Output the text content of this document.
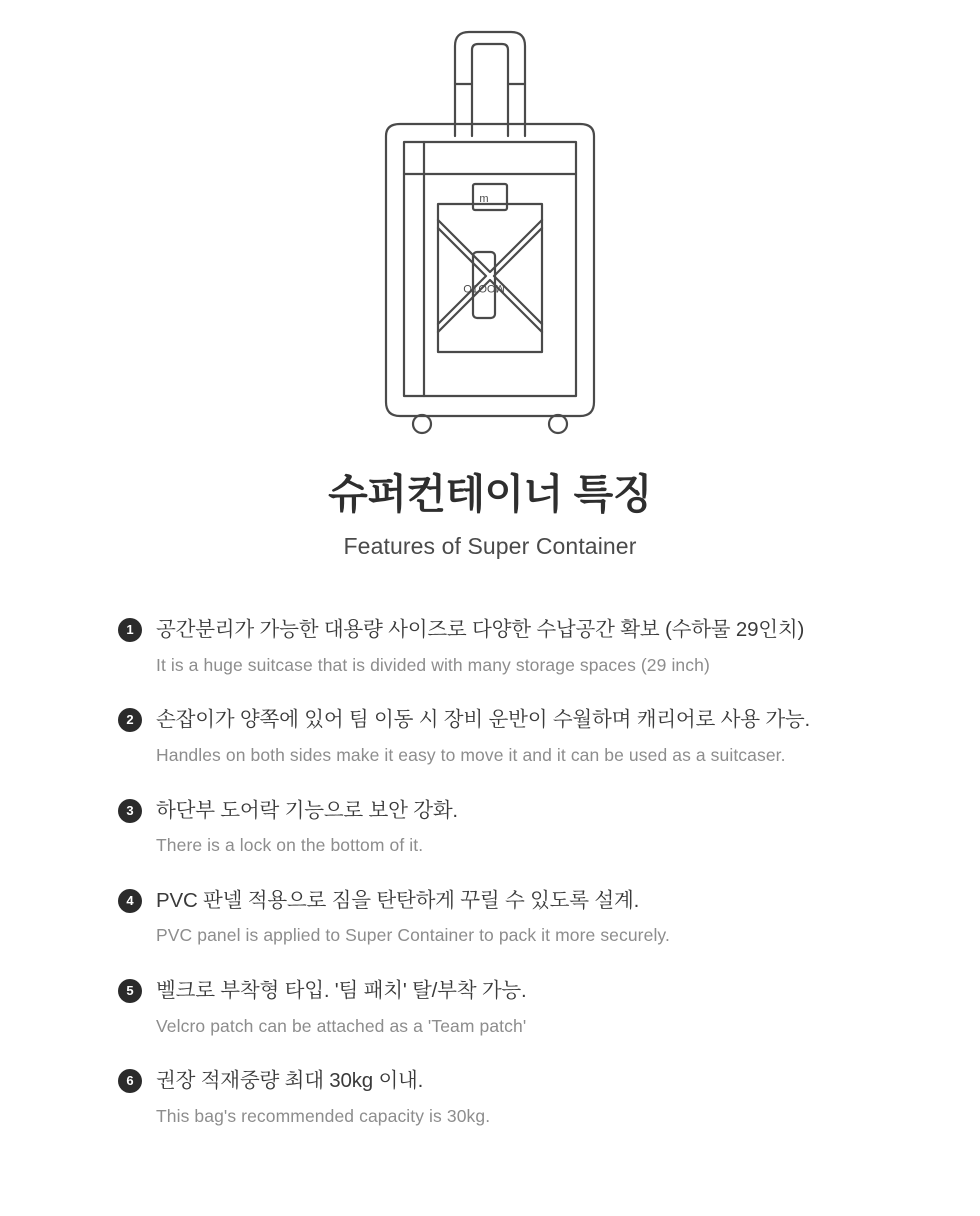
m
MOOTO
슈퍼컨테이너 특징
Features of Super Container
1	공간분리가 가능한 대용량 사이즈로 다양한 수납공간 확보 (수하물 29인치)
It is a huge suitcase that is divided with many storage spaces (29 inch)
2	손잡이가 양쪽에 있어 팀 이동 시 장비 운반이 수월하며 캐리어로 사용 가능.
Handles on both sides make it easy to move it and it can be used as a suitcaser.
3	하단부 도어락 기능으로 보안 강화.
There is a lock on the bottom of it.
4	PVC 판넬 적용으로 짐을 탄탄하게 꾸릴 수 있도록 설계.
PVC panel is applied to Super Container to pack it more securely.
5	벨크로 부착형 타입. '팀 패치' 탈/부착 가능.
Velcro patch can be attached as a 'Team patch'
6	권장 적재중량 최대 30kg 이내.
This bag's recommended capacity is 30kg.
